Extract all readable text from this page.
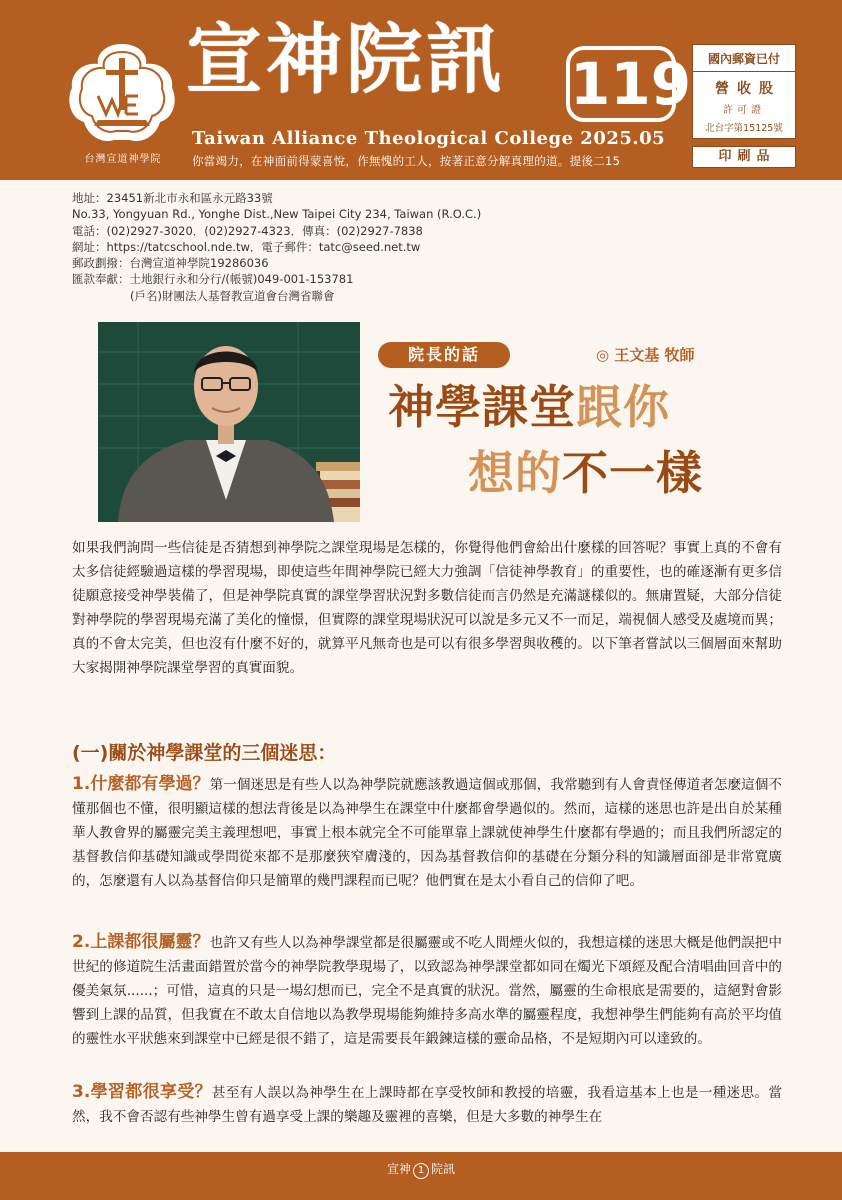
台灣宣道神學院
宣神院訊 119
Taiwan Alliance Theological College 2025.05
你當竭力，在神面前得蒙喜悅，作無愧的工人，按著正意分解真理的道。提後二15
國內郵資已付
營收股
許可證
北台字第15125號
印刷品
地址：23451新北市永和區永元路33號
No.33, Yongyuan Rd., Yonghe Dist.,New Taipei City 234, Taiwan (R.O.C.)
電話：(02)2927-3020．(02)2927-4323．傳真：(02)2927-7838
網址：https://tatcschool.nde.tw．電子郵件：tatc@seed.net.tw
郵政劃撥：台灣宣道神學院19286036
匯款奉獻：土地銀行永和分行/(帳號)049-001-153781
(戶名)財團法人基督教宣道會台灣省聯會
院長的話	◎ 王文基 牧師
神學課堂跟你
想的不一樣
如果我們詢問一些信徒是否猜想到神學院之課堂現場是怎樣的，你覺得他們會給出什麼樣的回答呢？事實上真的不會有太多信徒經驗過這樣的學習現場，即使這些年間神學院已經大力強調「信徒神學教育」的重要性，也的確逐漸有更多信徒願意接受神學裝備了，但是神學院真實的課堂學習狀況對多數信徒而言仍然是充滿謎樣似的。無庸置疑，大部分信徒對神學院的學習現場充滿了美化的憧憬，但實際的課堂現場狀況可以說是多元又不一而足，端視個人感受及處境而異；真的不會太完美，但也沒有什麼不好的，就算平凡無奇也是可以有很多學習與收穫的。以下筆者嘗試以三個層面來幫助大家揭開神學院課堂學習的真實面貌。
(一)關於神學課堂的三個迷思：
1.什麼都有學過？第一個迷思是有些人以為神學院就應該教過這個或那個，我常聽到有人會責怪傳道者怎麼這個不懂那個也不懂，很明顯這樣的想法背後是以為神學生在課堂中什麼都會學過似的。然而，這樣的迷思也許是出自於某種華人教會界的屬靈完美主義理想吧，事實上根本就完全不可能單靠上課就使神學生什麼都有學過的；而且我們所認定的基督教信仰基礎知識或學問從來都不是那麼狹窄膚淺的，因為基督教信仰的基礎在分類分科的知識層面卻是非常寬廣的，怎麼還有人以為基督信仰只是簡單的幾門課程而已呢？他們實在是太小看自己的信仰了吧。
2.上課都很屬靈？也許又有些人以為神學課堂都是很屬靈或不吃人間煙火似的，我想這樣的迷思大概是他們誤把中世紀的修道院生活畫面錯置於當今的神學院教學現場了，以致認為神學課堂都如同在燭光下頌經及配合清唱曲回音中的優美氣氛......；可惜，這真的只是一場幻想而已，完全不是真實的狀況。當然，屬靈的生命根底是需要的，這絕對會影響到上課的品質，但我實在不敢太自信地以為教學現場能夠維持多高水準的屬靈程度，我想神學生們能夠有高於平均值的靈性水平狀態來到課堂中已經是很不錯了，這是需要長年鍛鍊這樣的靈命品格，不是短期內可以達致的。
3.學習都很享受？甚至有人誤以為神學生在上課時都在享受牧師和教授的培靈，我看這基本上也是一種迷思。當然，我不會否認有些神學生曾有過享受上課的樂趣及靈裡的喜樂，但是大多數的神學生在
宣神 1 院訊
